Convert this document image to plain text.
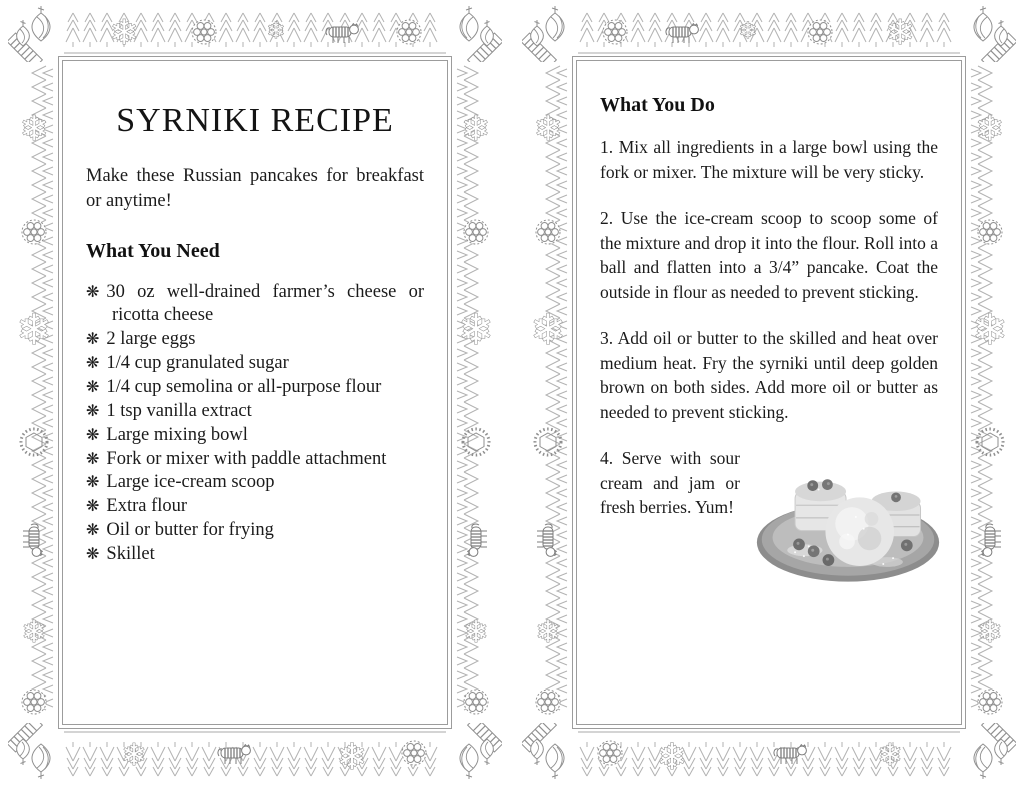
❄	❄
❄	❄
❄
❄
❄
❄
❄
❄
SYRNIKI RECIPE

Make these Russian pancakes for breakfast or anytime!

What You Need
❋ 30 oz well-drained farmer’s cheese or ricotta cheese
❋ 2 large eggs
❋ 1/4 cup granulated sugar
❋ 1/4 cup semolina or all-purpose flour
❋ 1 tsp vanilla extract
❋ Large mixing bowl
❋ Fork or mixer with paddle attachment
❋ Large ice-cream scoop
❋ Extra flour
❋ Oil or butter for frying
❋ Skillet
❄
❄
❄
❄
❄
❄
❄
❄
❄
❄
What You Do

1. Mix all ingredients in a large bowl using the fork or mixer. The mixture will be very sticky.

2. Use the ice-cream scoop to scoop some of the mixture and drop it into the flour. Roll into a ball and flatten into a 3/4” pancake. Coat the outside in flour as needed to prevent sticking.

3. Add oil or butter to the skilled and heat over medium heat. Fry the syrniki until deep golden brown on both sides. Add more oil or butter as needed to prevent sticking.

4. Serve with sour cream and jam or fresh berries. Yum!
